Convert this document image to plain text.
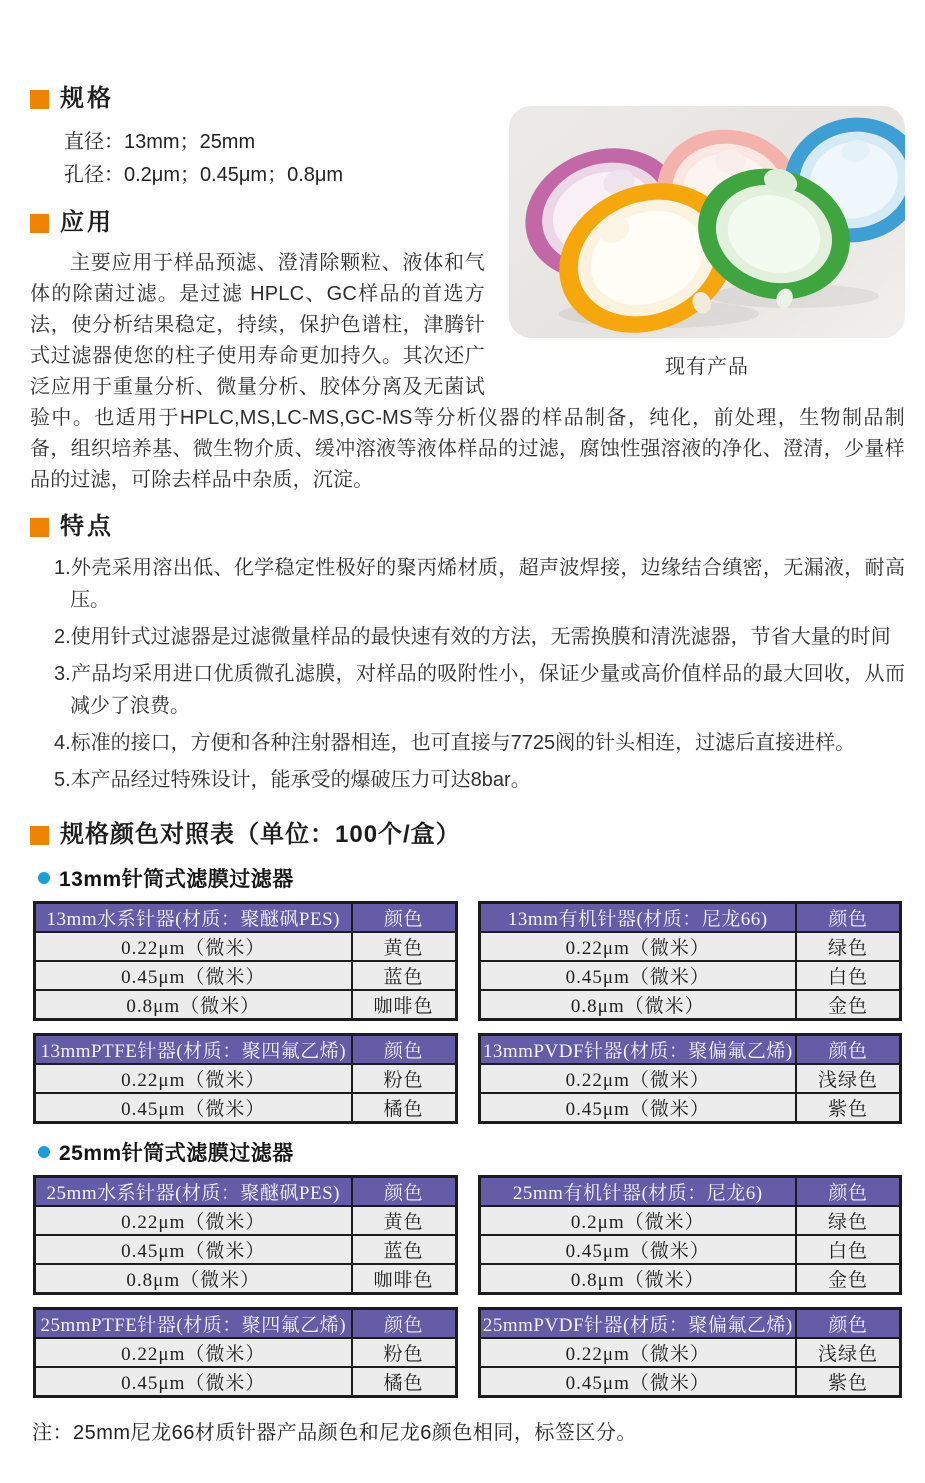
现有产品
规格
直径：13mm；25mm
孔径：0.2μm；0.45μm；0.8μm
应用

主要应用于样品预滤、澄清除颗粒、液体和气体的除菌过滤。是过滤 HPLC、GC样品的首选方法，使分析结果稳定，持续，保护色谱柱，津腾针式过滤器使您的柱子使用寿命更加持久。其次还广泛应用于重量分析、微量分析、胶体分离及无菌试验中。也适用于HPLC,MS,LC-MS,GC-MS等分析仪器的样品制备，纯化，前处理，生物制品制备，组织培养基、微生物介质、缓冲溶液等液体样品的过滤，腐蚀性强溶液的净化、澄清，少量样品的过滤，可除去样品中杂质，沉淀。

特点
1.外壳采用溶出低、化学稳定性极好的聚丙烯材质，超声波焊接，边缘结合缜密，无漏液，耐高压。
2.使用针式过滤器是过滤微量样品的最快速有效的方法，无需换膜和清洗滤器，节省大量的时间
3.产品均采用进口优质微孔滤膜，对样品的吸附性小，保证少量或高价值样品的最大回收，从而减少了浪费。
4.标准的接口，方便和各种注射器相连，也可直接与7725阀的针头相连，过滤后直接进样。
5.本产品经过特殊设计，能承受的爆破压力可达8bar。
规格颜色对照表（单位：100个/盒）
13mm针筒式滤膜过滤器
13mm水系针器(材质：聚醚砜PES)	颜色
0.22μm（微米）	黄色
0.45μm（微米）	蓝色
0.8μm（微米）	咖啡色
13mm有机针器(材质：尼龙66)	颜色
0.22μm（微米）	绿色
0.45μm（微米）	白色
0.8μm（微米）	金色
13mmPTFE针器(材质：聚四氟乙烯)	颜色
0.22μm（微米）	粉色
0.45μm（微米）	橘色
13mmPVDF针器(材质：聚偏氟乙烯)	颜色
0.22μm（微米）	浅绿色
0.45μm（微米）	紫色
25mm针筒式滤膜过滤器
25mm水系针器(材质：聚醚砜PES)	颜色
0.22μm（微米）	黄色
0.45μm（微米）	蓝色
0.8μm（微米）	咖啡色
25mm有机针器(材质：尼龙6)	颜色
0.2μm（微米）	绿色
0.45μm（微米）	白色
0.8μm（微米）	金色
25mmPTFE针器(材质：聚四氟乙烯)	颜色
0.22μm（微米）	粉色
0.45μm（微米）	橘色
25mmPVDF针器(材质：聚偏氟乙烯)	颜色
0.22μm（微米）	浅绿色
0.45μm（微米）	紫色
注：25mm尼龙66材质针器产品颜色和尼龙6颜色相同，标签区分。
